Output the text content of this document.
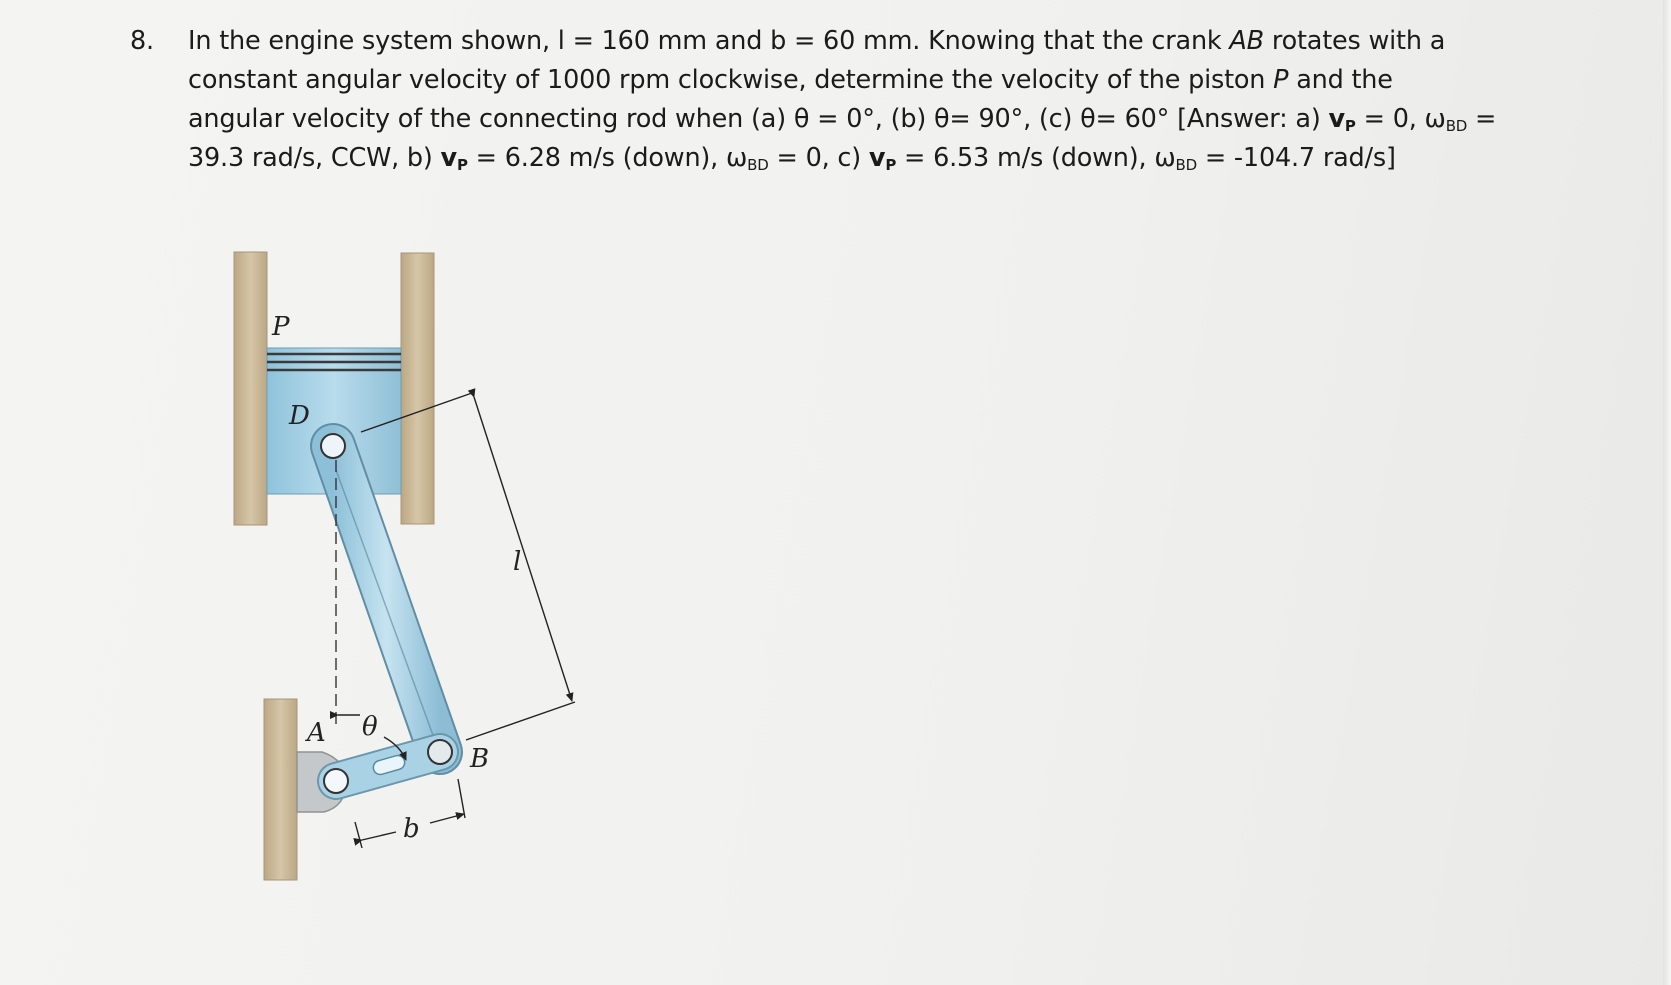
8. In the engine system shown, l = 160 mm and b = 60 mm. Knowing that the crank AB rotates with a
constant angular velocity of 1000 rpm clockwise, determine the velocity of the piston P and the
angular velocity of the connecting rod when (a) θ = 0°, (b) θ= 90°, (c) θ= 60° [Answer: a) $v_P = 0$, $\omega_{BD}$ =
39.3 rad/s, CCW, b) $v_P = 6.28$ m/s (down), $\omega_{BD} = 0$, c) $v_P = 6.53$ m/s (down), $\omega_{BD} = -104.7$ rad/s]
P
D
A θ
B
l
b
